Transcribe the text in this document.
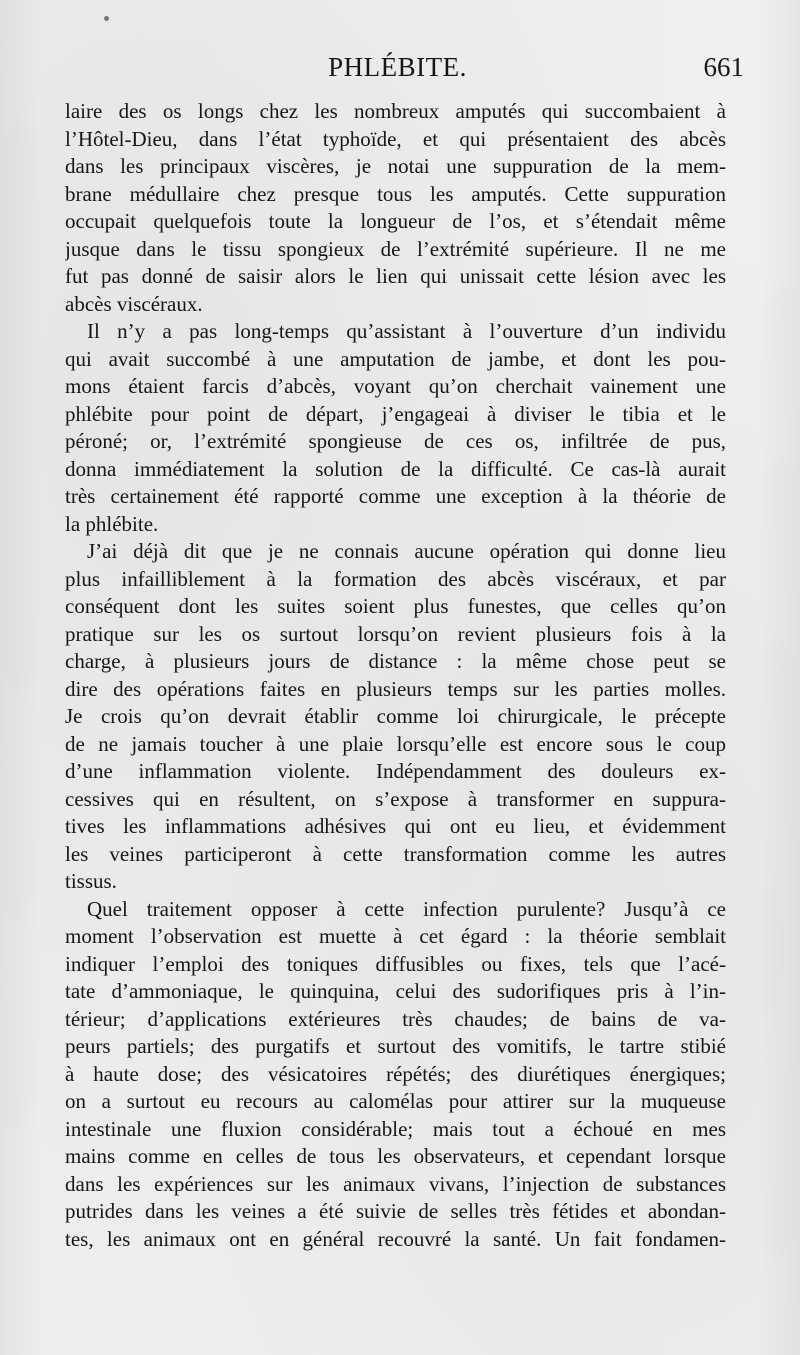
PHLÉBITE.	661
laire des os longs chez les nombreux amputés qui succombaient à
l’Hôtel-Dieu, dans l’état typhoïde, et qui présentaient des abcès
dans les principaux viscères, je notai une suppuration de la mem-
brane médullaire chez presque tous les amputés. Cette suppuration
occupait quelquefois toute la longueur de l’os, et s’étendait même
jusque dans le tissu spongieux de l’extrémité supérieure. Il ne me
fut pas donné de saisir alors le lien qui unissait cette lésion avec les
abcès viscéraux.
Il n’y a pas long-temps qu’assistant à l’ouverture d’un individu
qui avait succombé à une amputation de jambe, et dont les pou-
mons étaient farcis d’abcès, voyant qu’on cherchait vainement une
phlébite pour point de départ, j’engageai à diviser le tibia et le
péroné; or, l’extrémité spongieuse de ces os, infiltrée de pus,
donna immédiatement la solution de la difficulté. Ce cas-là aurait
très certainement été rapporté comme une exception à la théorie de
la phlébite.
J’ai déjà dit que je ne connais aucune opération qui donne lieu
plus infailliblement à la formation des abcès viscéraux, et par
conséquent dont les suites soient plus funestes, que celles qu’on
pratique sur les os surtout lorsqu’on revient plusieurs fois à la
charge, à plusieurs jours de distance : la même chose peut se
dire des opérations faites en plusieurs temps sur les parties molles.
Je crois qu’on devrait établir comme loi chirurgicale, le précepte
de ne jamais toucher à une plaie lorsqu’elle est encore sous le coup
d’une inflammation violente. Indépendamment des douleurs ex-
cessives qui en résultent, on s’expose à transformer en suppura-
tives les inflammations adhésives qui ont eu lieu, et évidemment
les veines participeront à cette transformation comme les autres
tissus.
Quel traitement opposer à cette infection purulente? Jusqu’à ce
moment l’observation est muette à cet égard : la théorie semblait
indiquer l’emploi des toniques diffusibles ou fixes, tels que l’acé-
tate d’ammoniaque, le quinquina, celui des sudorifiques pris à l’in-
térieur; d’applications extérieures très chaudes; de bains de va-
peurs partiels; des purgatifs et surtout des vomitifs, le tartre stibié
à haute dose; des vésicatoires répétés; des diurétiques énergiques;
on a surtout eu recours au calomélas pour attirer sur la muqueuse
intestinale une fluxion considérable; mais tout a échoué en mes
mains comme en celles de tous les observateurs, et cependant lorsque
dans les expériences sur les animaux vivans, l’injection de substances
putrides dans les veines a été suivie de selles très fétides et abondan-
tes, les animaux ont en général recouvré la santé. Un fait fondamen-
